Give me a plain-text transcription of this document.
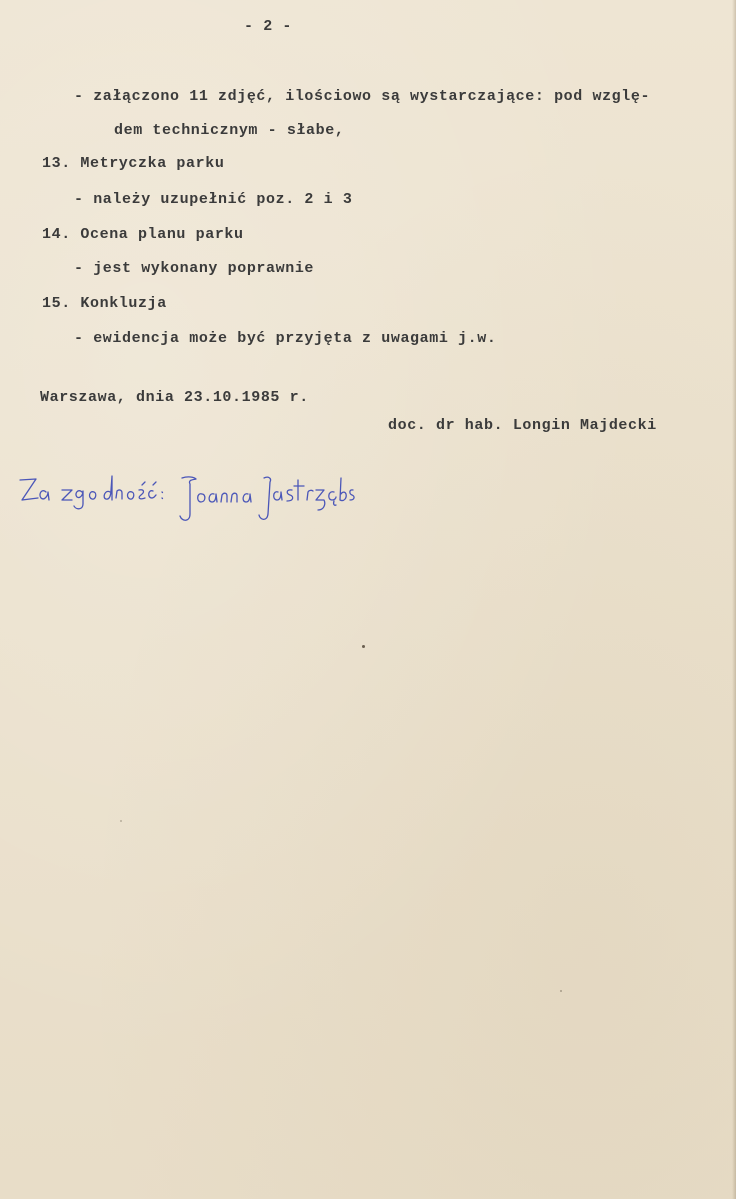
- 2 -
- załączono 11 zdjęć, ilościowo są wystarczające: pod wzglę-
dem technicznym - słabe,
13. Metryczka parku
- należy uzupełnić poz. 2 i 3
14. Ocena planu parku
- jest wykonany poprawnie
15. Konkluzja
- ewidencja może być przyjęta z uwagami j.w.
Warszawa, dnia 23.10.1985 r.
doc. dr hab. Longin Majdecki
